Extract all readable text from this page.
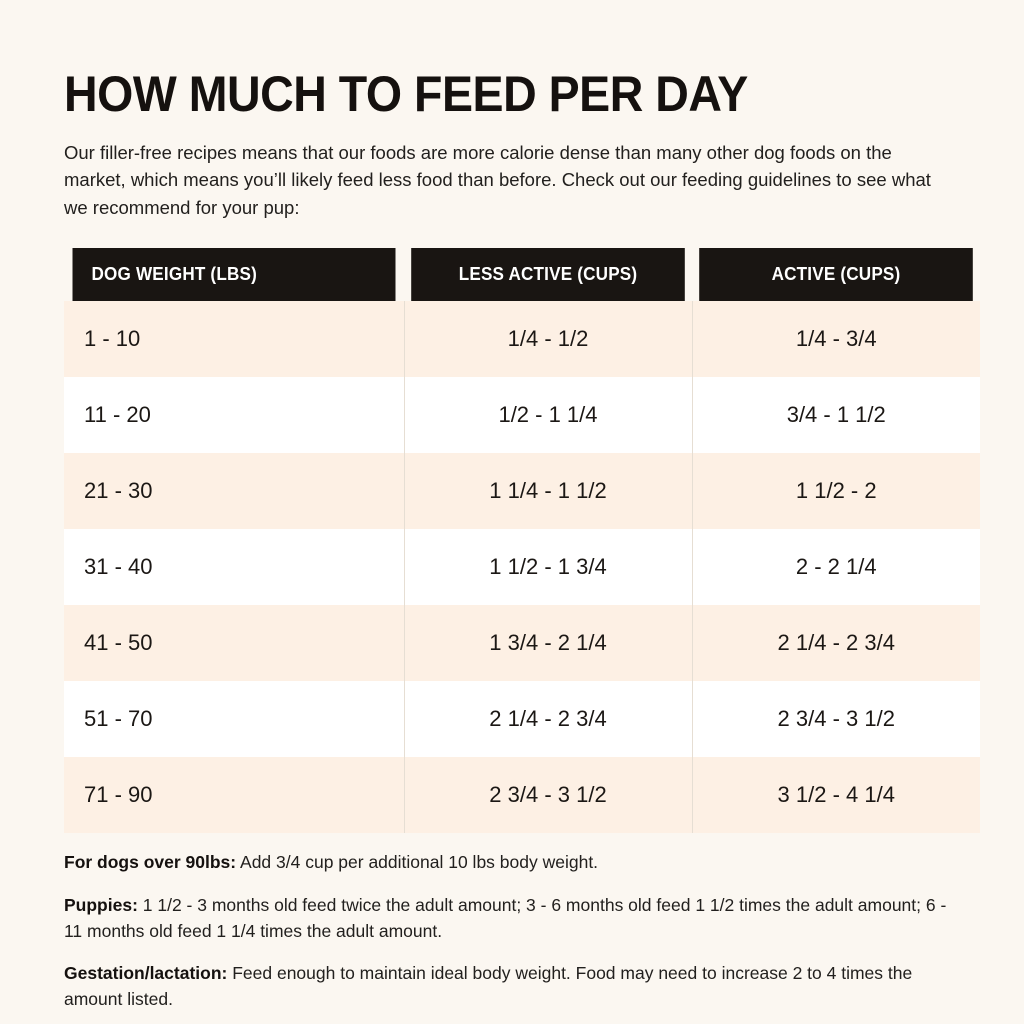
HOW MUCH TO FEED PER DAY

Our filler-free recipes means that our foods are more calorie dense than many other dog foods on the market, which means you’ll likely feed less food than before. Check out our feeding guidelines to see what we recommend for your pup:

DOG WEIGHT (LBS)	LESS ACTIVE (CUPS)	ACTIVE (CUPS)
1 - 10	1/4 - 1/2	1/4 - 3/4
11 - 20	1/2 - 1 1/4	3/4 - 1 1/2
21 - 30	1 1/4 - 1 1/2	1 1/2 - 2
31 - 40	1 1/2 - 1 3/4	2 - 2 1/4
41 - 50	1 3/4 - 2 1/4	2 1/4 - 2 3/4
51 - 70	2 1/4 - 2 3/4	2 3/4 - 3 1/2
71 - 90	2 3/4 - 3 1/2	3 1/2 - 4 1/4

For dogs over 90lbs: Add 3/4 cup per additional 10 lbs body weight.

Puppies: 1 1/2 - 3 months old feed twice the adult amount; 3 - 6 months old feed 1 1/2 times the adult amount; 6 - 11 months old feed 1 1/4 times the adult amount.

Gestation/lactation: Feed enough to maintain ideal body weight. Food may need to increase 2 to 4 times the amount listed.
